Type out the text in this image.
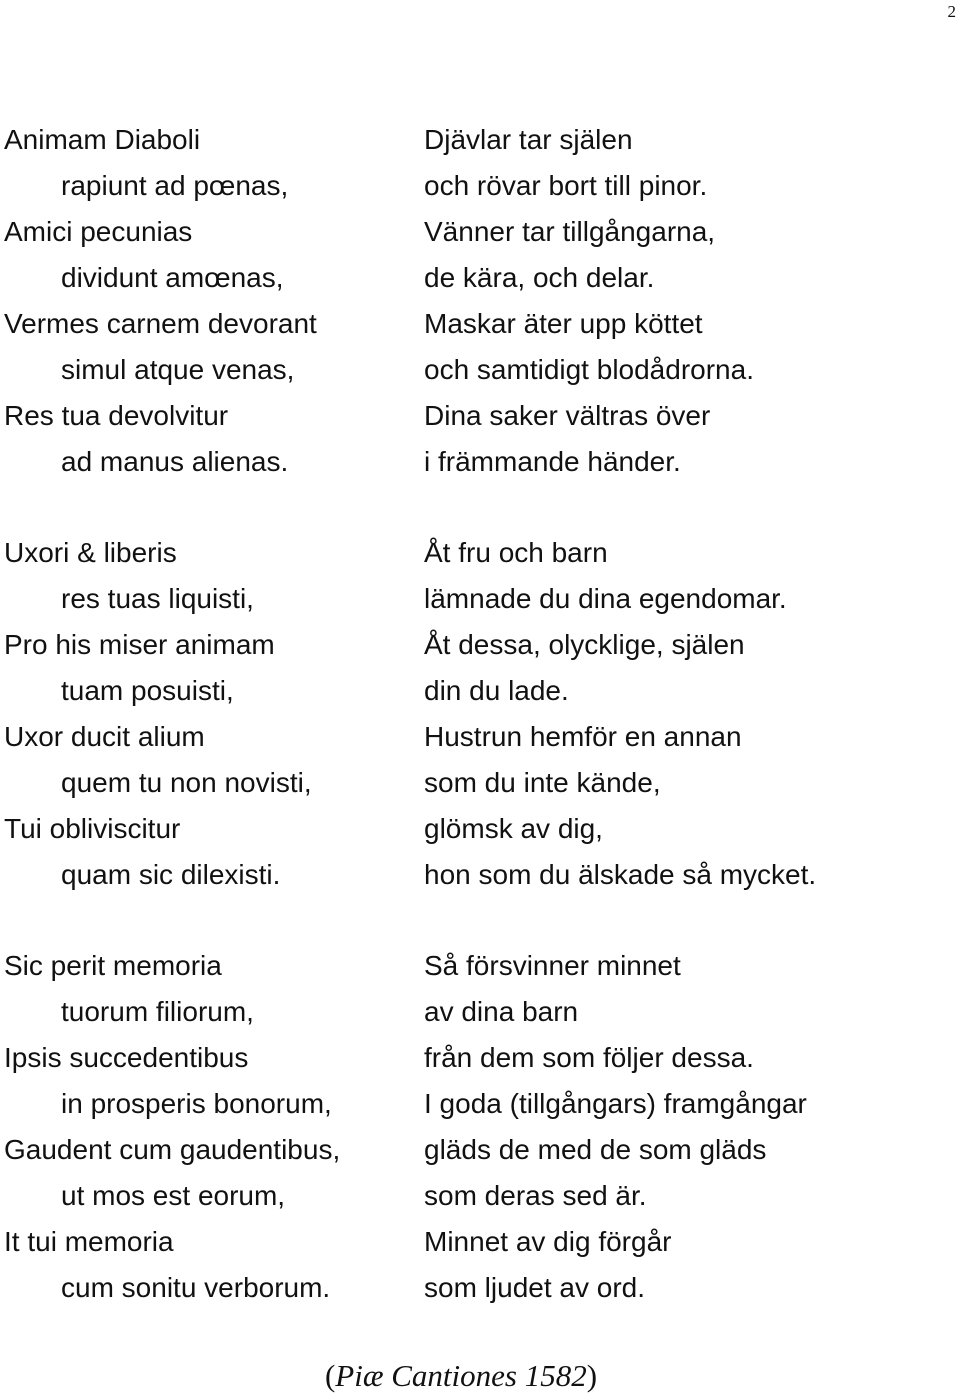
2
Animam Diaboli
rapiunt ad pœnas,
Amici pecunias
dividunt amœnas,
Vermes carnem devorant
simul atque venas,
Res tua devolvitur
ad manus alienas.
Djävlar tar själen
och rövar bort till pinor.
Vänner tar tillgångarna,
de kära, och delar.
Maskar äter upp köttet
och samtidigt blodådrorna.
Dina saker vältras över
i främmande händer.
Uxori & liberis
res tuas liquisti,
Pro his miser animam
tuam posuisti,
Uxor ducit alium
quem tu non novisti,
Tui obliviscitur
quam sic dilexisti.
Åt fru och barn
lämnade du dina egendomar.
Åt dessa, olycklige, själen
din du lade.
Hustrun hemför en annan
som du inte kände,
glömsk av dig,
hon som du älskade så mycket.
Sic perit memoria
tuorum filiorum,
Ipsis succedentibus
in prosperis bonorum,
Gaudent cum gaudentibus,
ut mos est eorum,
It tui memoria
cum sonitu verborum.
Så försvinner minnet
av dina barn
från dem som följer dessa.
I goda (tillgångars) framgångar
gläds de med de som gläds
som deras sed är.
Minnet av dig förgår
som ljudet av ord.
(Piæ Cantiones 1582)
